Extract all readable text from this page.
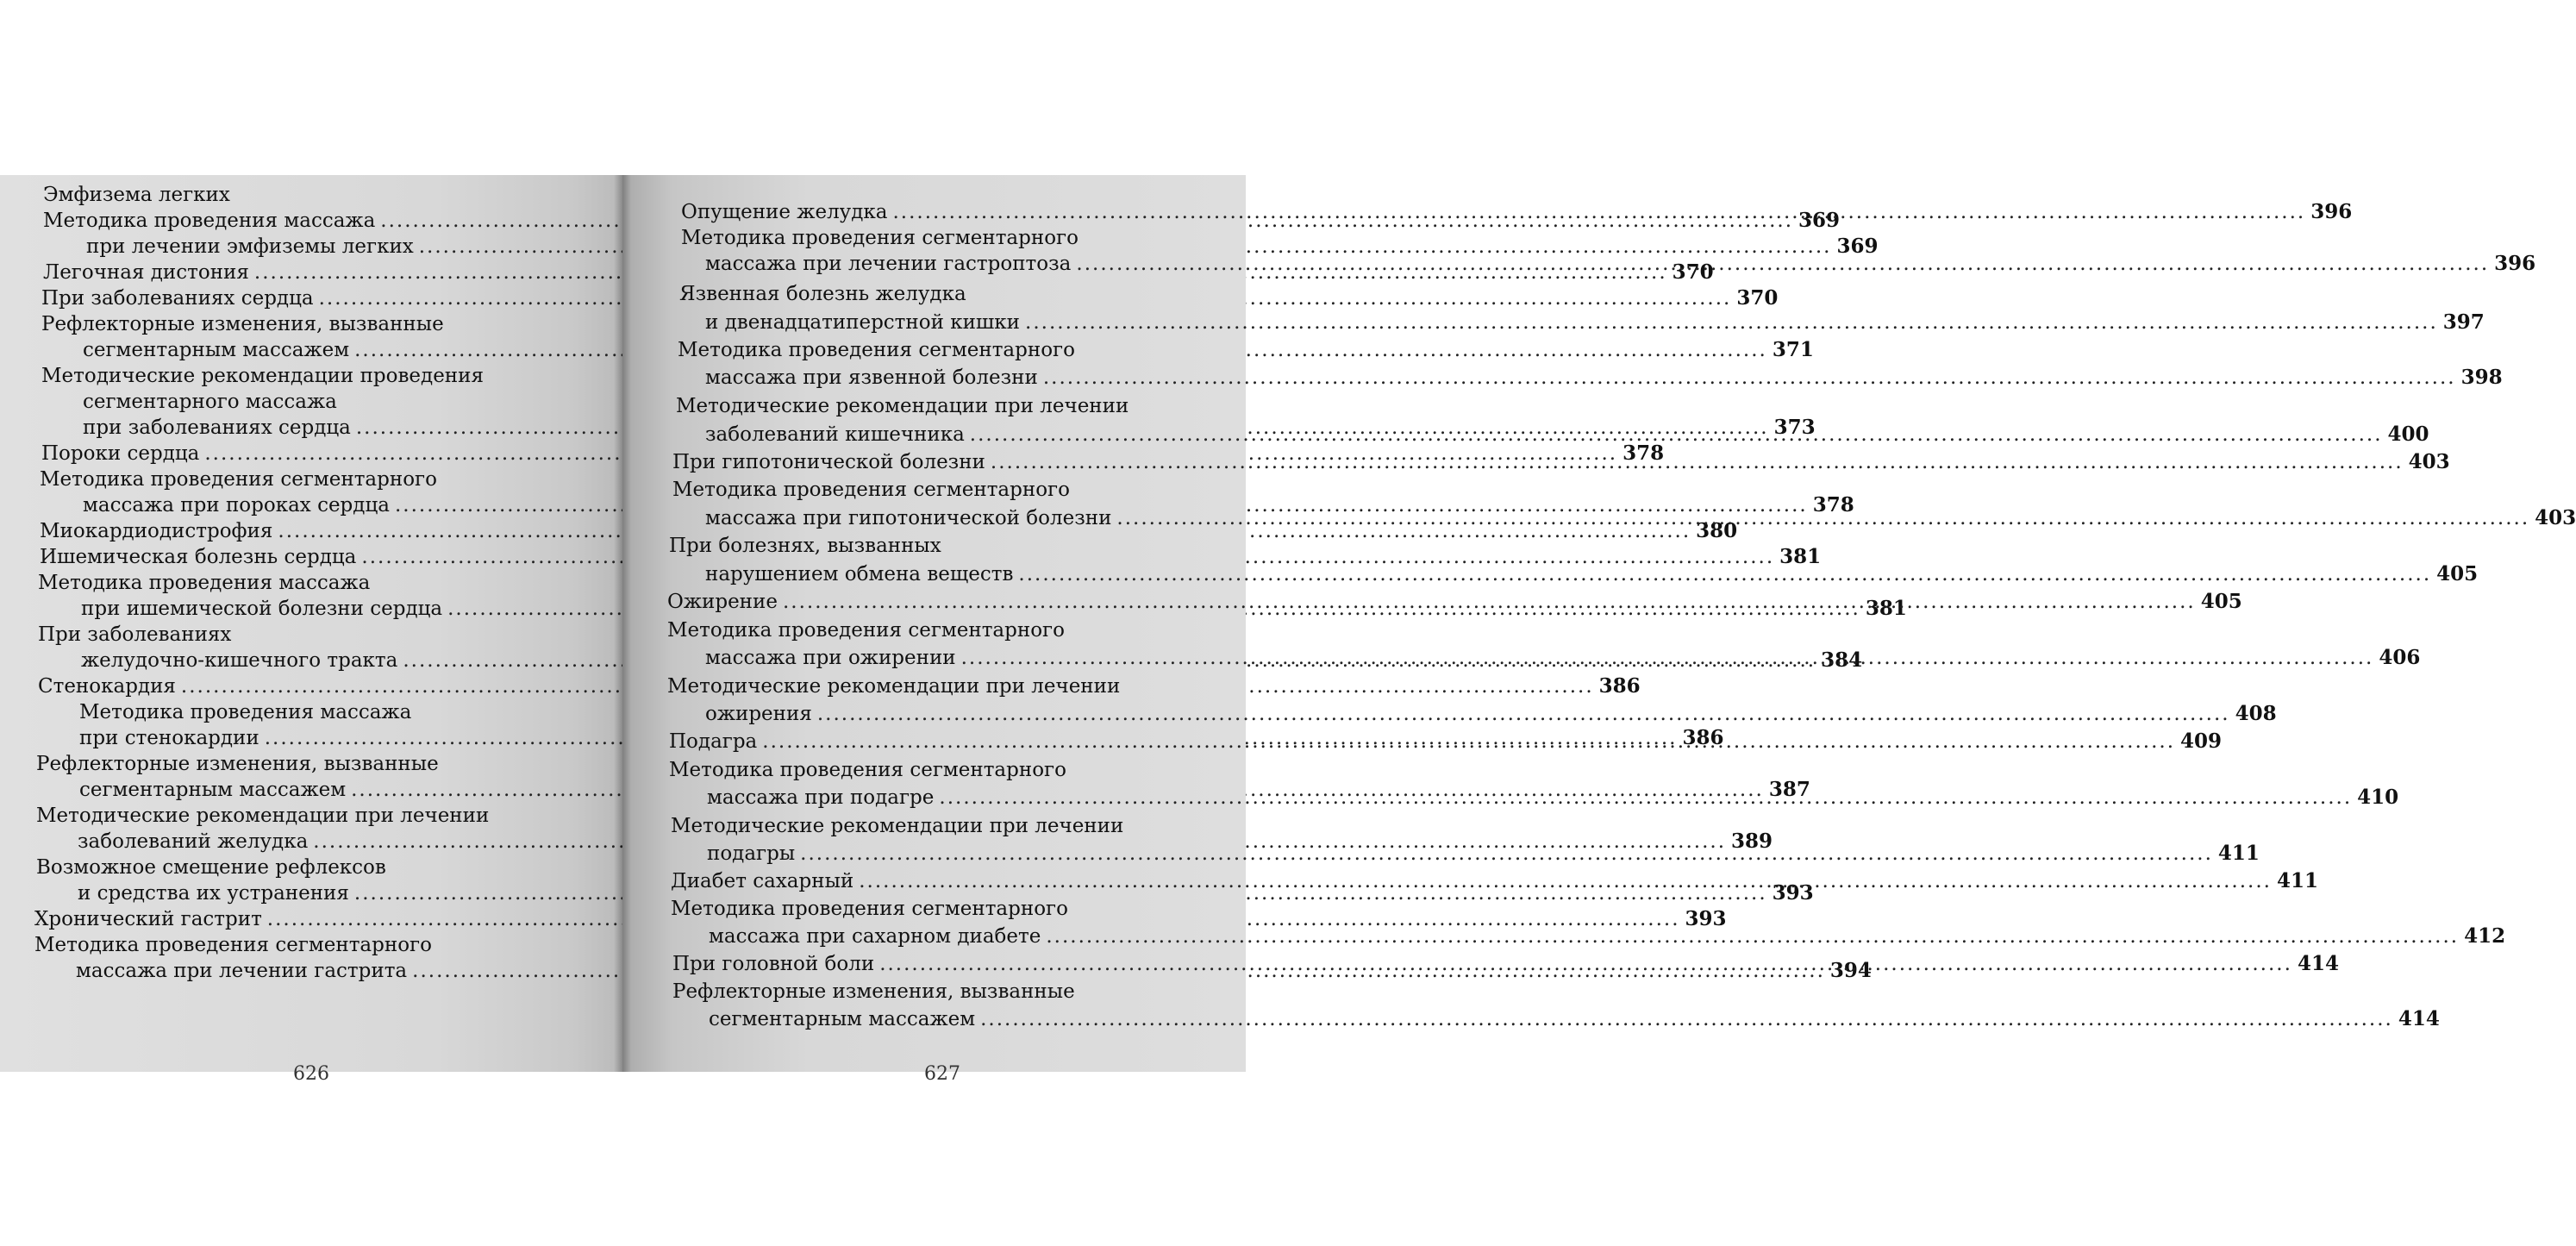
Эмфизема легких
Методика проведения массажа .....	369
при лечении эмфиземы легких .....	369
Легочная дистония .....	370
При заболеваниях сердца .....	370
Рефлекторные изменения, вызванные
сегментарным массажем .....	371
Методические рекомендации проведения
сегментарного массажа
при заболеваниях сердца .....	373
Пороки сердца .....	378
Методика проведения сегментарного
массажа при пороках сердца .....	378
Миокардиодистрофия .....	380
Ишемическая болезнь сердца .....	381
Методика проведения массажа
при ишемической болезни сердца .....	381
При заболеваниях
желудочно-кишечного тракта .....	384
Стенокардия .....	386
Методика проведения массажа
при стенокардии .....	386
Рефлекторные изменения, вызванные
сегментарным массажем .....	387
Методические рекомендации при лечении
заболеваний желудка .....	389
Возможное смещение рефлексов
и средства их устранения .....	393
Хронический гастрит .....	393
Методика проведения сегментарного
массажа при лечении гастрита .....	394
626
Опущение желудка .....	396
Методика проведения сегментарного
массажа при лечении гастроптоза .....	396
Язвенная болезнь желудка
и двенадцатиперстной кишки .....	397
Методика проведения сегментарного
массажа при язвенной болезни .....	398
Методические рекомендации при лечении
заболеваний кишечника .....	400
При гипотонической болезни .....	403
Методика проведения сегментарного
массажа при гипотонической болезни .....	403
При болезнях, вызванных
нарушением обмена веществ .....	405
Ожирение .....	405
Методика проведения сегментарного
массажа при ожирении .....	406
Методические рекомендации при лечении
ожирения .....	408
Подагра .....	409
Методика проведения сегментарного
массажа при подагре .....	410
Методические рекомендации при лечении
подагры .....	411
Диабет сахарный .....	411
Методика проведения сегментарного
массажа при сахарном диабете .....	412
При головной боли .....	414
Рефлекторные изменения, вызванные
сегментарным массажем .....	414
627
